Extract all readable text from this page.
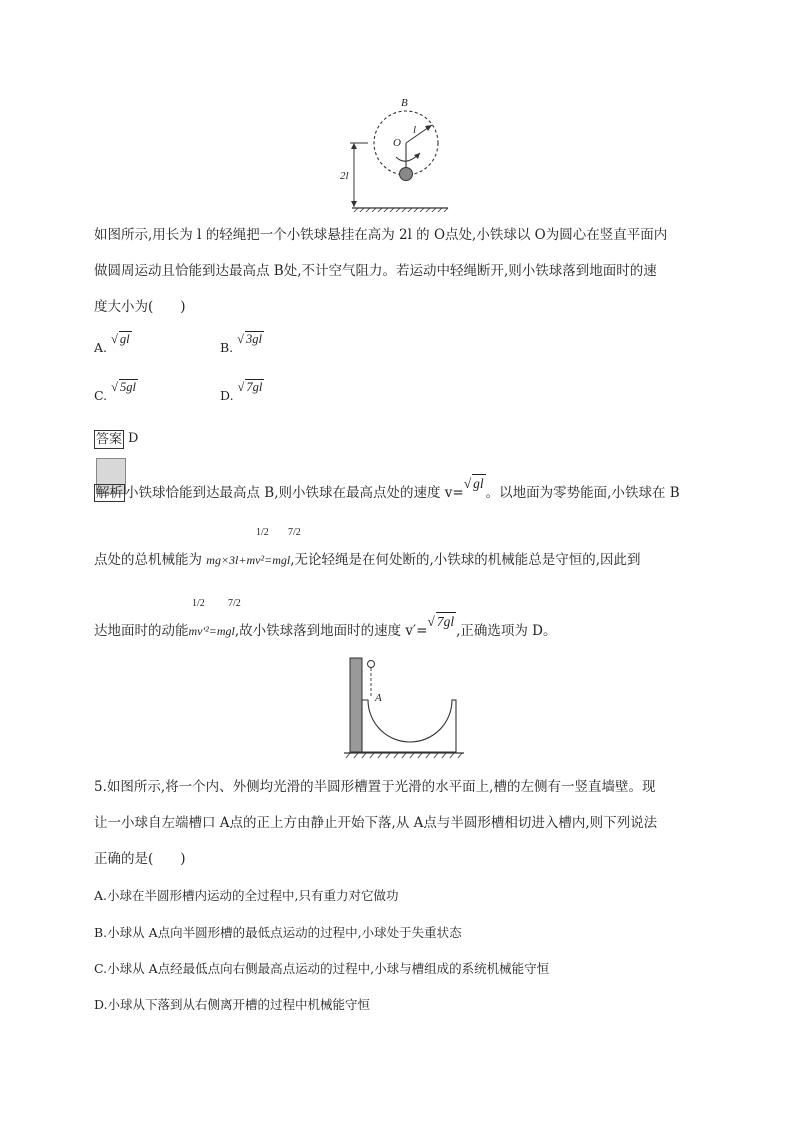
B
O
l
2l
如图所示,用长为 l 的轻绳把一个小铁球悬挂在高为 2l 的 O点处,小铁球以 O为圆心在竖直平面内
做圆周运动且恰能到达最高点 B处,不计空气阻力。若运动中轻绳断开,则小铁球落到地面时的速
度大小为(　　)
A. √ gl
B. √ 3gl
C. √ 5gl
D. √ 7gl
答案 D
解析 小铁球恰能到达最高点 B,则小铁球在最高点处的速度 v=√ gl。以地面为零势能面,小铁球在 B
1/2 7/2
点处的总机械能为 mg×3l+mv²=mgl,无论轻绳是在何处断的,小铁球的机械能总是守恒的,因此到
1/2 7/2
达地面时的动能mv′²=mgl,故小铁球落到地面时的速度 v′=√ 7gl,正确选项为 D。
A
5.如图所示,将一个内、外侧均光滑的半圆形槽置于光滑的水平面上,槽的左侧有一竖直墙壁。现
让一小球自左端槽口 A点的正上方由静止开始下落,从 A点与半圆形槽相切进入槽内,则下列说法
正确的是(　　)
A.小球在半圆形槽内运动的全过程中,只有重力对它做功
B.小球从 A点向半圆形槽的最低点运动的过程中,小球处于失重状态
C.小球从 A点经最低点向右侧最高点运动的过程中,小球与槽组成的系统机械能守恒
D.小球从下落到从右侧离开槽的过程中机械能守恒
